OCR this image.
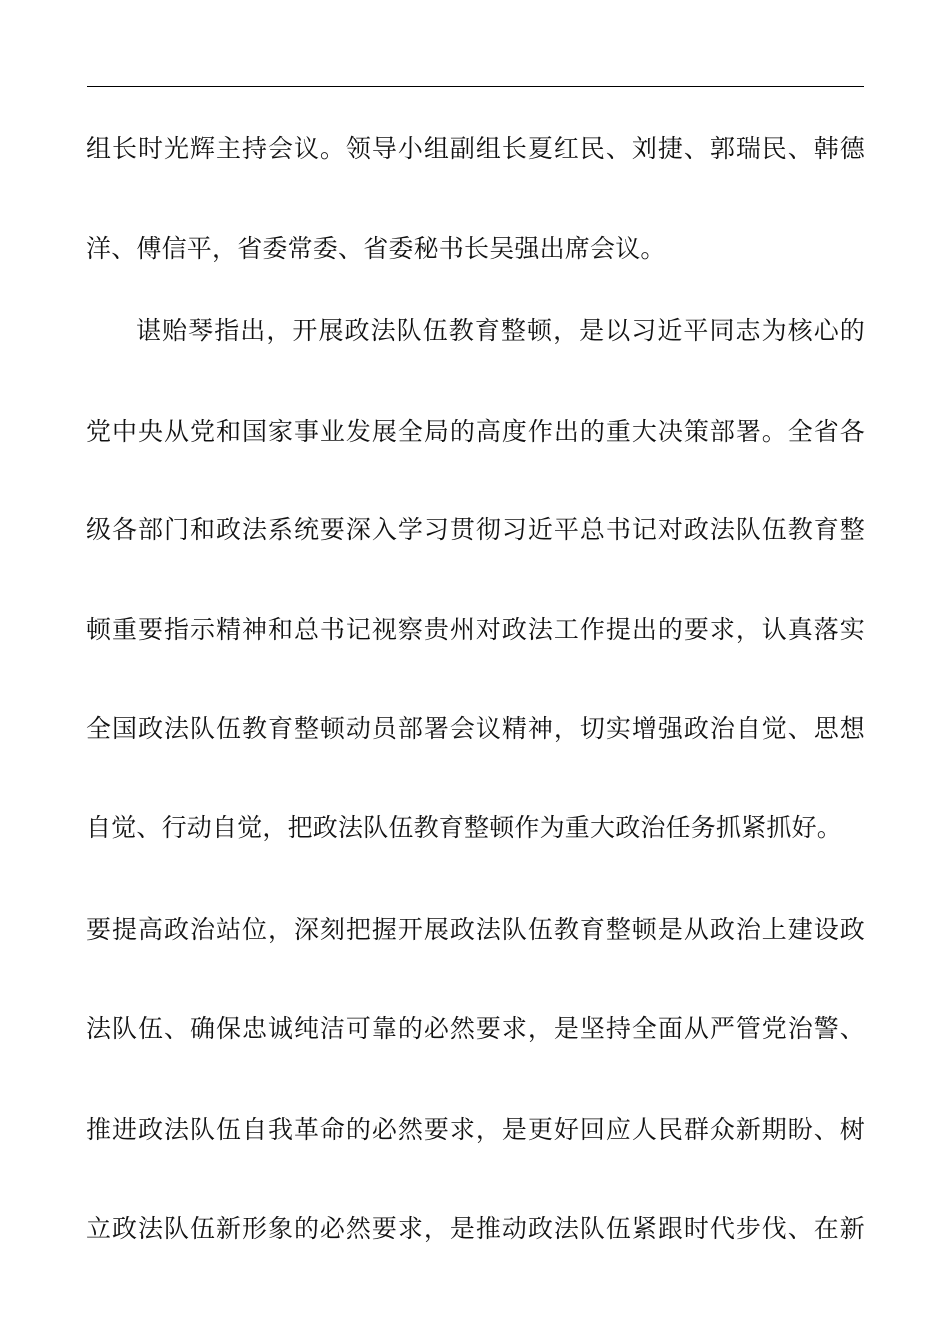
组长时光辉主持会议。领导小组副组长夏红民、刘捷、郭瑞民、韩德
洋、傅信平，省委常委、省委秘书长吴强出席会议。
谌贻琴指出，开展政法队伍教育整顿，是以习近平同志为核心的
党中央从党和国家事业发展全局的高度作出的重大决策部署。全省各
级各部门和政法系统要深入学习贯彻习近平总书记对政法队伍教育整
顿重要指示精神和总书记视察贵州对政法工作提出的要求，认真落实
全国政法队伍教育整顿动员部署会议精神，切实增强政治自觉、思想
自觉、行动自觉，把政法队伍教育整顿作为重大政治任务抓紧抓好。
要提高政治站位，深刻把握开展政法队伍教育整顿是从政治上建设政
法队伍、确保忠诚纯洁可靠的必然要求，是坚持全面从严管党治警、
推进政法队伍自我革命的必然要求，是更好回应人民群众新期盼、树
立政法队伍新形象的必然要求，是推动政法队伍紧跟时代步伐、在新
